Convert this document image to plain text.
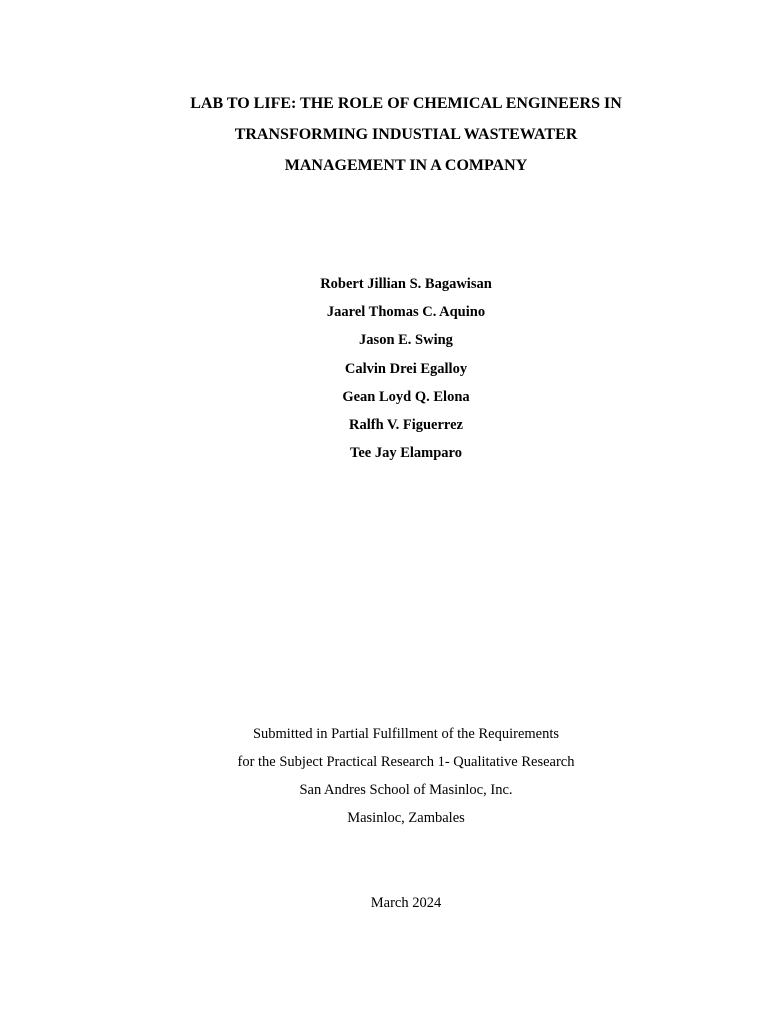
LAB TO LIFE: THE ROLE OF CHEMICAL ENGINEERS IN
TRANSFORMING INDUSTIAL WASTEWATER
MANAGEMENT IN A COMPANY
Robert Jillian S. Bagawisan
Jaarel Thomas C. Aquino
Jason E. Swing
Calvin Drei Egalloy
Gean Loyd Q. Elona
Ralfh V. Figuerrez
Tee Jay Elamparo
Submitted in Partial Fulfillment of the Requirements
for the Subject Practical Research 1- Qualitative Research
San Andres School of Masinloc, Inc.
Masinloc, Zambales
March 2024
